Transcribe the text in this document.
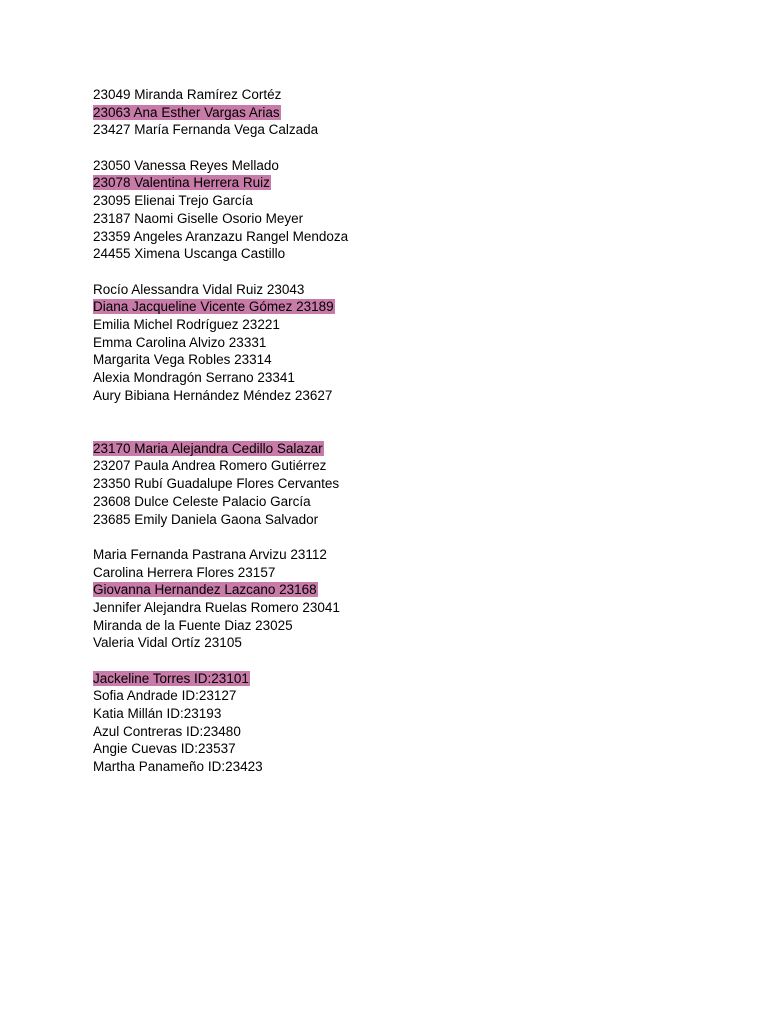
23049 Miranda Ramírez Cortéz
23063 Ana Esther Vargas Arias
23427 María Fernanda Vega Calzada
23050 Vanessa Reyes Mellado
23078 Valentina Herrera Ruiz
23095 Elienai Trejo García
23187 Naomi Giselle Osorio Meyer
23359 Angeles Aranzazu Rangel Mendoza
24455 Ximena Uscanga Castillo
Rocío Alessandra Vidal Ruiz 23043
Diana Jacqueline Vicente Gómez 23189
Emilia Michel Rodríguez 23221
Emma Carolina Alvizo 23331
Margarita Vega Robles 23314
Alexia Mondragón Serrano 23341
Aury Bibiana Hernández Méndez 23627
23170 Maria Alejandra Cedillo Salazar
23207 Paula Andrea Romero Gutiérrez
23350 Rubí Guadalupe Flores Cervantes
23608 Dulce Celeste Palacio García
23685 Emily Daniela Gaona Salvador
Maria Fernanda Pastrana Arvizu 23112
Carolina Herrera Flores 23157
Giovanna Hernandez Lazcano 23168
Jennifer Alejandra Ruelas Romero 23041
Miranda de la Fuente Diaz 23025
Valeria Vidal Ortíz 23105
Jackeline Torres ID:23101
Sofia Andrade ID:23127
Katia Millán ID:23193
Azul Contreras ID:23480
Angie Cuevas ID:23537
Martha Panameño ID:23423
